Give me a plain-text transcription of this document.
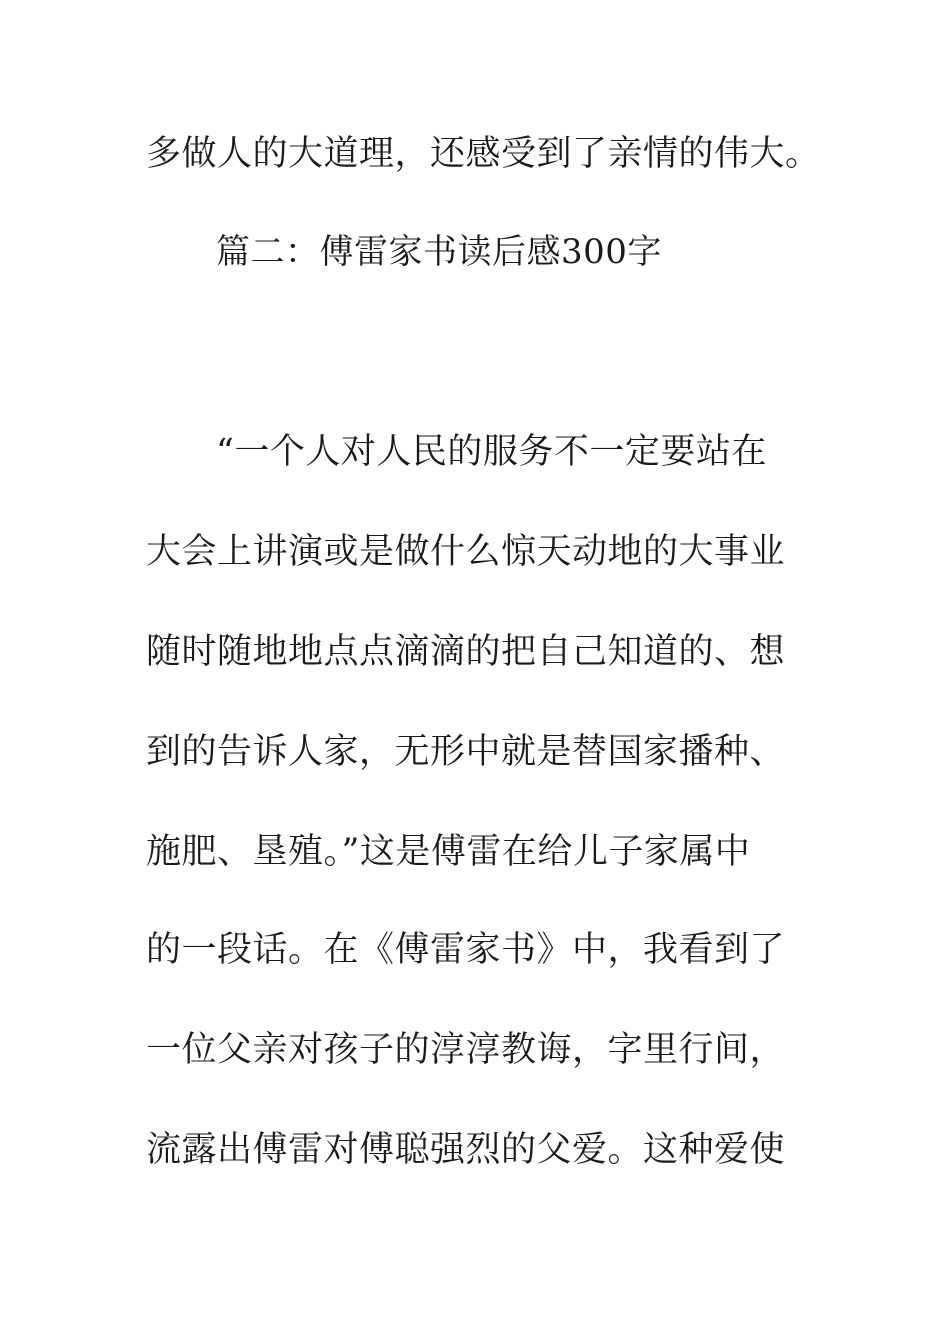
多做人的大道理，还感受到了亲情的伟大。
篇二：傅雷家书读后感300字
“一个人对人民的服务不一定要站在
大会上讲演或是做什么惊天动地的大事业
随时随地地点点滴滴的把自己知道的、想
到的告诉人家，无形中就是替国家播种、
施肥、垦殖。”这是傅雷在给儿子家属中
的一段话。在《傅雷家书》中，我看到了
一位父亲对孩子的淳淳教诲，字里行间，
流露出傅雷对傅聪强烈的父爱。这种爱使
